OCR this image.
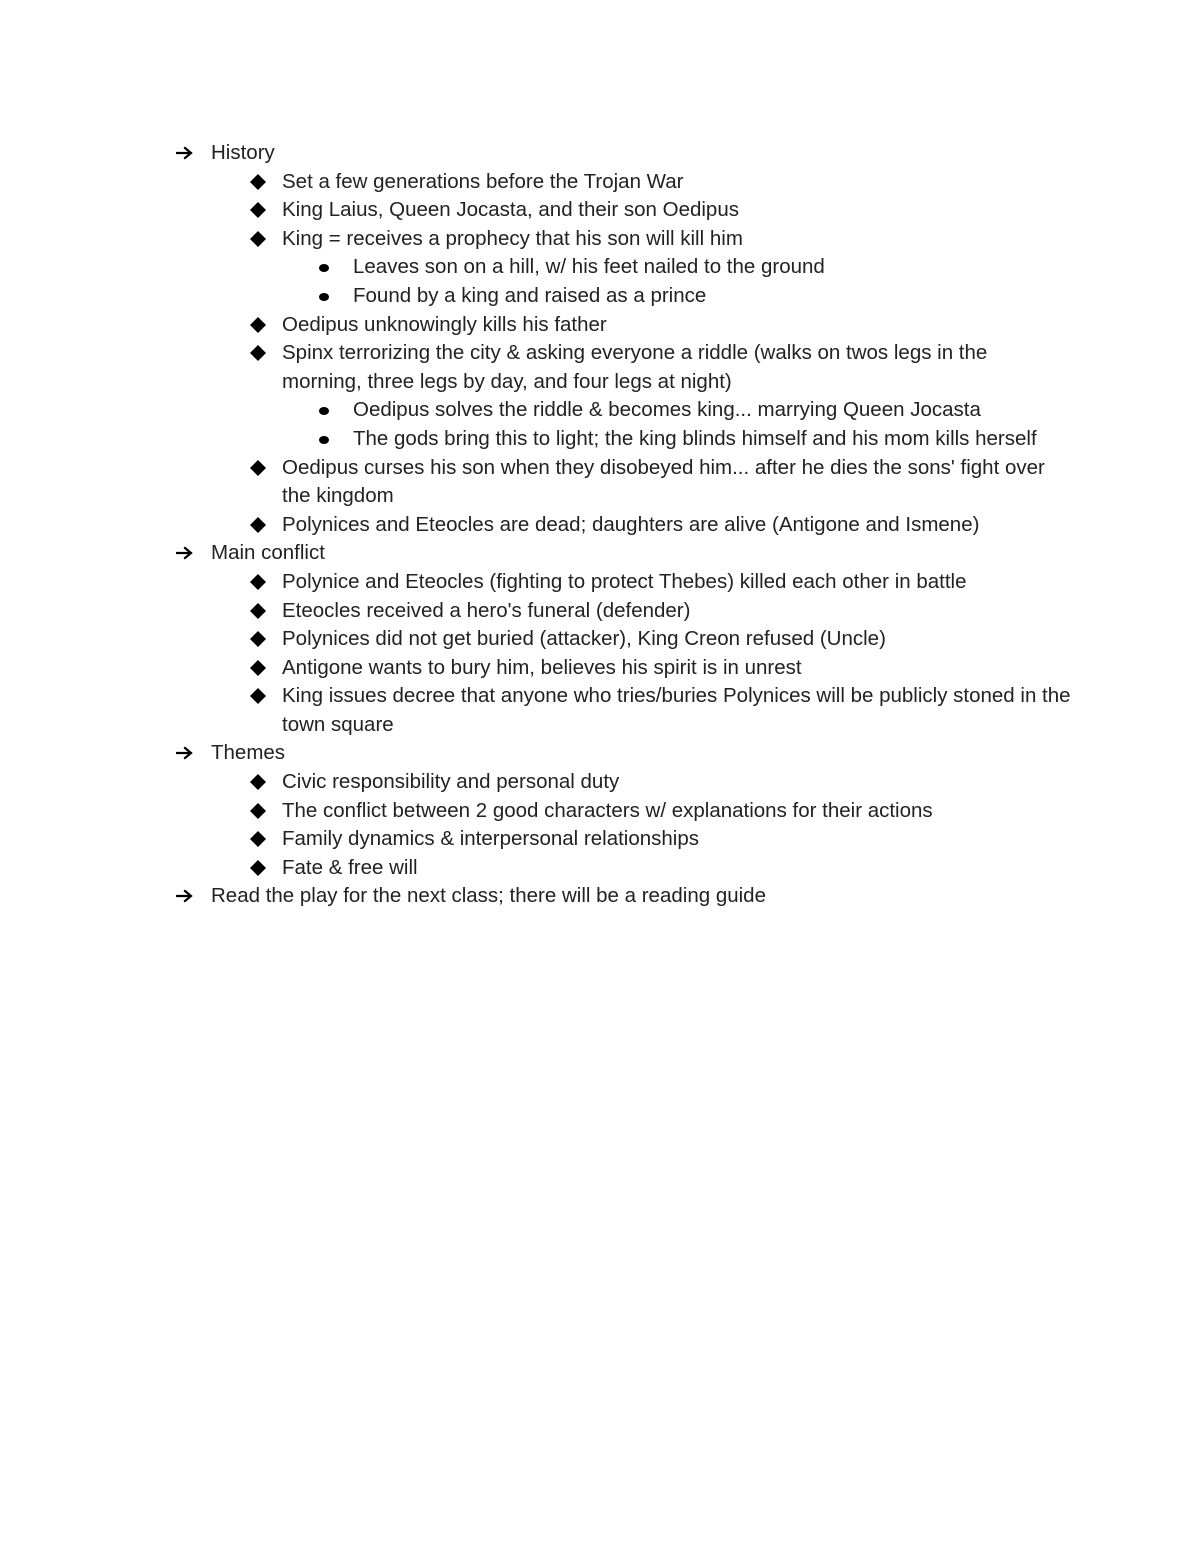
History
Set a few generations before the Trojan War
King Laius, Queen Jocasta, and their son Oedipus
King = receives a prophecy that his son will kill him
Leaves son on a hill, w/ his feet nailed to the ground
Found by a king and raised as a prince
Oedipus unknowingly kills his father
Spinx terrorizing the city & asking everyone a riddle (walks on twos legs in the morning, three legs by day, and four legs at night)
Oedipus solves the riddle & becomes king... marrying Queen Jocasta
The gods bring this to light; the king blinds himself and his mom kills herself
Oedipus curses his son when they disobeyed him... after he dies the sons' fight over the kingdom
Polynices and Eteocles are dead; daughters are alive (Antigone and Ismene)
Main conflict
Polynice and Eteocles (fighting to protect Thebes) killed each other in battle
Eteocles received a hero's funeral (defender)
Polynices did not get buried (attacker), King Creon refused (Uncle)
Antigone wants to bury him, believes his spirit is in unrest
King issues decree that anyone who tries/buries Polynices will be publicly stoned in the town square
Themes
Civic responsibility and personal duty
The conflict between 2 good characters w/ explanations for their actions
Family dynamics & interpersonal relationships
Fate & free will
Read the play for the next class; there will be a reading guide
